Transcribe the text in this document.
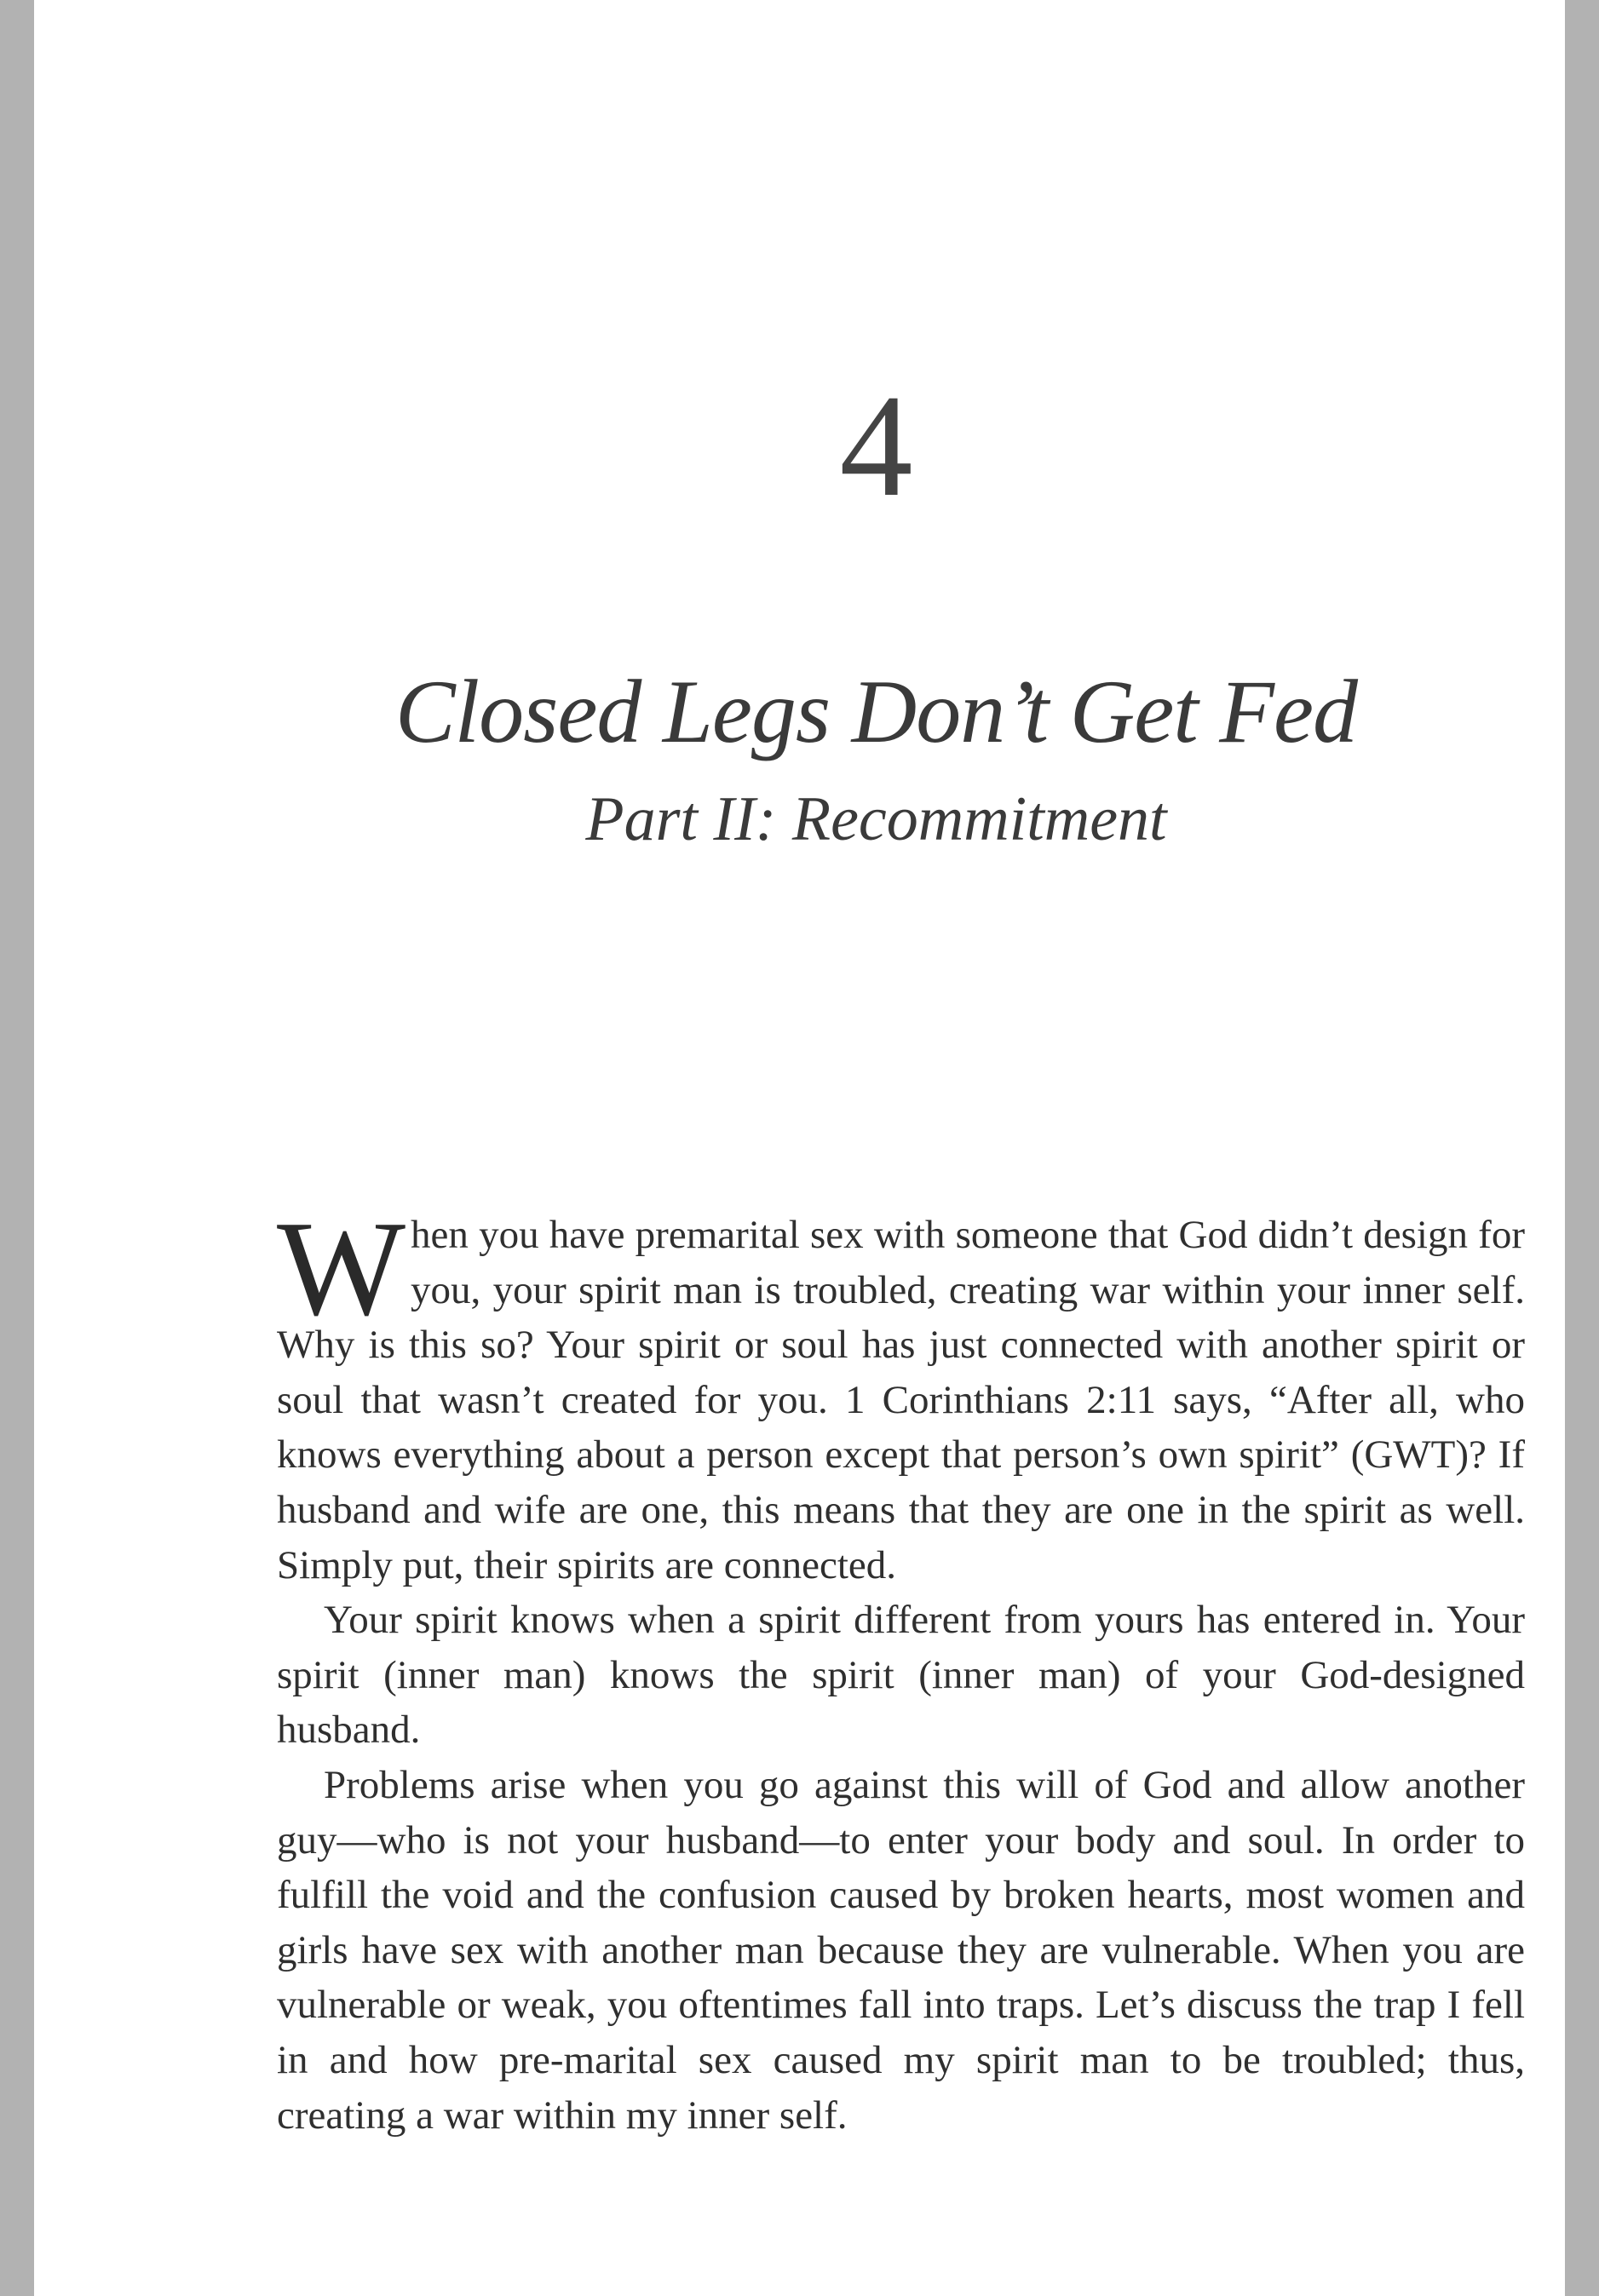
4
Closed Legs Don’t Get Fed
Part II: Recommitment

When you have premarital sex with someone that God didn’t design for you, your spirit man is troubled, creating war within your inner self. Why is this so? Your spirit or soul has just connected with another spirit or soul that wasn’t created for you. 1 Corinthians 2:11 says, “After all, who knows everything about a person except that person’s own spirit” (GWT)? If husband and wife are one, this means that they are one in the spirit as well. Simply put, their spirits are connected.

Your spirit knows when a spirit different from yours has entered in. Your spirit (inner man) knows the spirit (inner man) of your God-designed husband.

Problems arise when you go against this will of God and allow another guy—who is not your husband—to enter your body and soul. In order to fulfill the void and the confusion caused by broken hearts, most women and girls have sex with another man because they are vulnerable. When you are vulnerable or weak, you oftentimes fall into traps. Let’s discuss the trap I fell in and how pre-marital sex caused my spirit man to be troubled; thus, creating a war within my inner self.
